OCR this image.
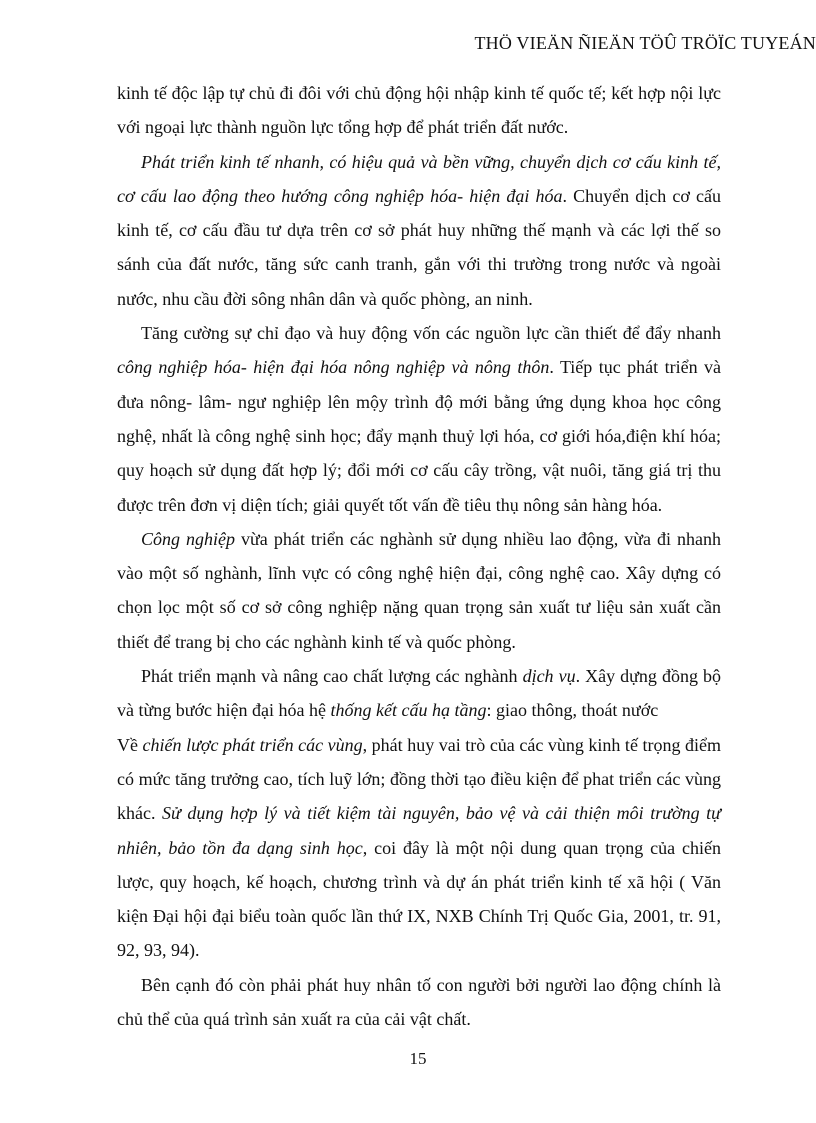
THÖ VIEÄN ÑIEÄN TÖÛ TRÖÏC TUYEÁN

kinh tế độc lập tự chủ đi đôi với chủ động hội nhập kinh tế quốc tế; kết hợp nội lực với ngoại lực thành nguồn lực tổng hợp để phát triển đất nước.

Phát triển kinh tế nhanh, có hiệu quả và bền vững, chuyển dịch cơ cấu kinh tế, cơ cấu lao động theo hướng công nghiệp hóa- hiện đại hóa. Chuyển dịch cơ cấu kinh tế, cơ cấu đầu tư dựa trên cơ sở phát huy những thế mạnh và các lợi thế so sánh của đất nước, tăng sức canh tranh, gắn với thi trường trong nước và ngoài nước, nhu cầu đời sông nhân dân và quốc phòng, an ninh.

Tăng cường sự chỉ đạo và huy động vốn các nguồn lực cần thiết để đẩy nhanh công nghiệp hóa- hiện đại hóa nông nghiệp và nông thôn. Tiếp tục phát triển và đưa nông- lâm- ngư nghiệp lên mộy trình độ mới bằng ứng dụng khoa học công nghệ, nhất là công nghệ sinh học; đẩy mạnh thuỷ lợi hóa, cơ giới hóa,điện khí hóa; quy hoạch sử dụng đất hợp lý; đổi mới cơ cấu cây trồng, vật nuôi, tăng giá trị thu được trên đơn vị diện tích; giải quyết tốt vấn đề tiêu thụ nông sản hàng hóa.

Công nghiệp vừa phát triển các nghành sử dụng nhiều lao động, vừa đi nhanh vào một số nghành, lĩnh vực có công nghệ hiện đại, công nghệ cao. Xây dựng có chọn lọc một số cơ sở công nghiệp nặng quan trọng sản xuất tư liệu sản xuất cần thiết để trang bị cho các nghành kinh tế và quốc phòng.

Phát triển mạnh và nâng cao chất lượng các nghành dịch vụ. Xây dựng đồng bộ và từng bước hiện đại hóa hệ thống kết cấu hạ tầng: giao thông, thoát nước

Về chiến lược phát triển các vùng, phát huy vai trò của các vùng kinh tế trọng điểm có mức tăng trưởng cao, tích luỹ lớn; đồng thời tạo điều kiện để phat triển các vùng khác. Sử dụng hợp lý và tiết kiệm tài nguyên, bảo vệ và cải thiện môi trường tự nhiên, bảo tồn đa dạng sinh học, coi đây là một nội dung quan trọng của chiến lược, quy hoạch, kế hoạch, chương trình và dự án phát triển kinh tế xã hội ( Văn kiện Đại hội đại biểu toàn quốc lần thứ IX, NXB Chính Trị Quốc Gia, 2001, tr. 91, 92, 93, 94).

Bên cạnh đó còn phải phát huy nhân tố con người bởi người lao động chính là chủ thể của quá trình sản xuất ra của cải vật chất.

15
